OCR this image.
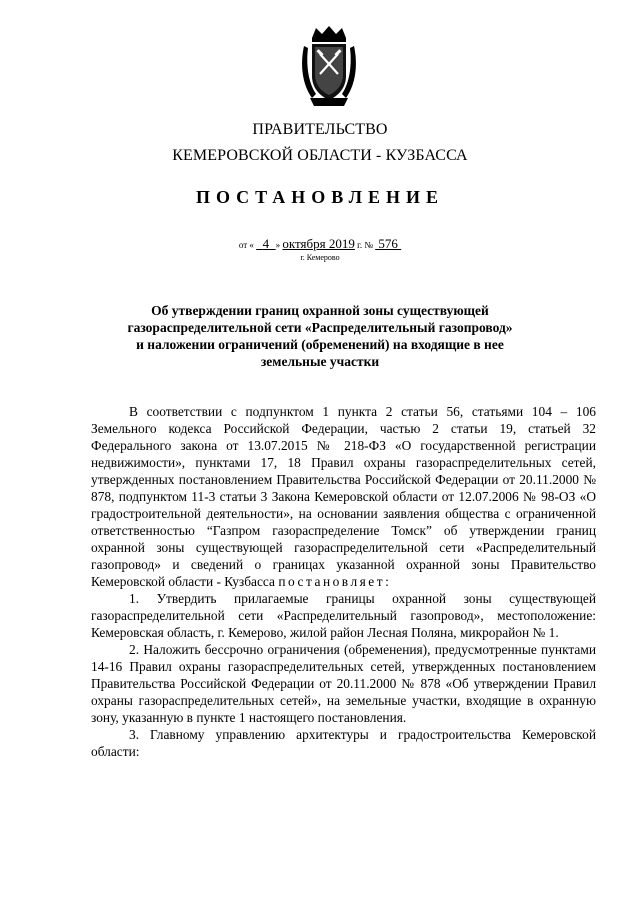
ПРАВИТЕЛЬСТВО
КЕМЕРОВСКОЙ ОБЛАСТИ - КУЗБАССА
ПОСТАНОВЛЕНИЕ
от « 4 » октября 2019 г. № 576
г. Кемерово
Об утверждении границ охранной зоны существующей
газораспределительной сети «Распределительный газопровод»
и наложении ограничений (обременений) на входящие в нее
земельные участки

В соответствии с подпунктом 1 пункта 2 статьи 56, статьями 104 – 106 Земельного кодекса Российской Федерации, частью 2 статьи 19, статьей 32 Федерального закона от 13.07.2015 № 218-ФЗ «О государственной регистрации недвижимости», пунктами 17, 18 Правил охраны газораспределительных сетей, утвержденных постановлением Правительства Российской Федерации от 20.11.2000 № 878, подпунктом 11-3 статьи 3 Закона Кемеровской области от 12.07.2006 № 98-ОЗ «О градостроительной деятельности», на основании заявления общества с ограниченной ответственностью “Газпром газораспределение Томск” об утверждении границ охранной зоны существующей газораспределительной сети «Распределительный газопровод» и сведений о границах указанной охранной зоны Правительство Кемеровской области - Кузбасса постановляет:

1. Утвердить прилагаемые границы охранной зоны существующей газораспределительной сети «Распределительный газопровод», местоположение: Кемеровская область, г. Кемерово, жилой район Лесная Поляна, микрорайон № 1.

2. Наложить бессрочно ограничения (обременения), предусмотренные пунктами 14-16 Правил охраны газораспределительных сетей, утвержденных постановлением Правительства Российской Федерации от 20.11.2000 № 878 «Об утверждении Правил охраны газораспределительных сетей», на земельные участки, входящие в охранную зону, указанную в пункте 1 настоящего постановления.

3. Главному управлению архитектуры и градостроительства Кемеровской области:
